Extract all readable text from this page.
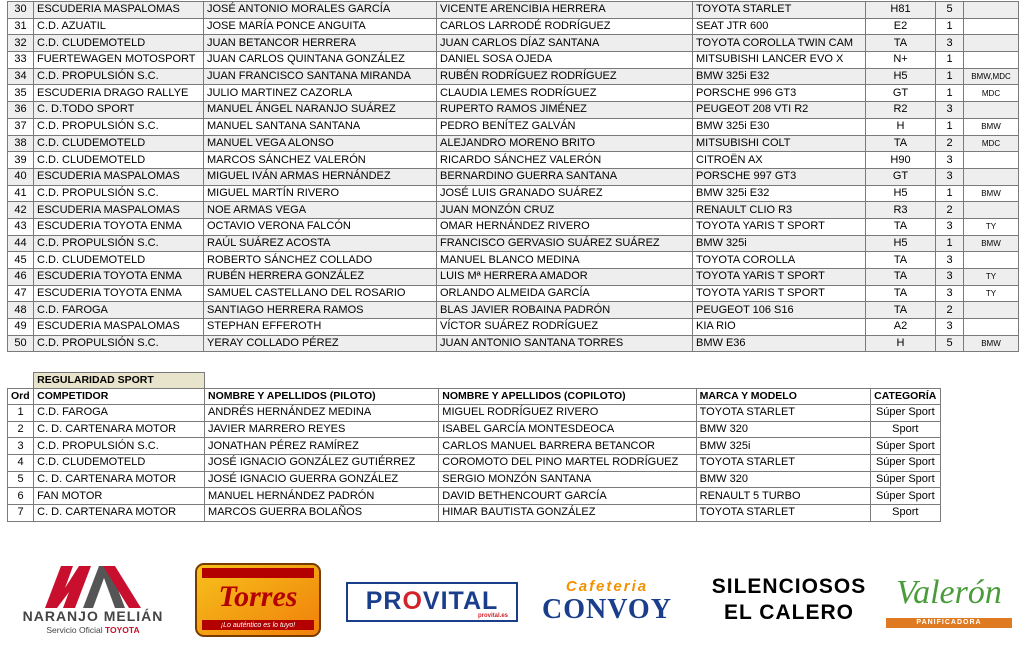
30	ESCUDERIA MASPALOMAS	JOSÉ ANTONIO MORALES GARCÍA	VICENTE ARENCIBIA HERRERA	TOYOTA STARLET	H81	5	
31	C.D. AZUATIL	JOSE MARÍA PONCE ANGUITA	CARLOS LARRODÉ RODRÍGUEZ	SEAT JTR 600	E2	1	
32	C.D. CLUDEMOTELD	JUAN BETANCOR HERRERA	JUAN CARLOS DÍAZ SANTANA	TOYOTA COROLLA TWIN CAM	TA	3	
33	FUERTEWAGEN MOTOSPORT	JUAN CARLOS QUINTANA GONZÁLEZ	DANIEL SOSA OJEDA	MITSUBISHI LANCER EVO X	N+	1	
34	C.D. PROPULSIÓN S.C.	JUAN FRANCISCO SANTANA MIRANDA	RUBÉN RODRÍGUEZ RODRÍGUEZ	BMW 325i E32	H5	1	BMW,MDC
35	ESCUDERIA DRAGO RALLYE	JULIO MARTINEZ CAZORLA	CLAUDIA LEMES RODRÍGUEZ	PORSCHE 996 GT3	GT	1	MDC
36	C. D.TODO SPORT	MANUEL ÁNGEL NARANJO SUÁREZ	RUPERTO RAMOS JIMÉNEZ	PEUGEOT 208 VTI R2	R2	3	
37	C.D. PROPULSIÓN S.C.	MANUEL SANTANA SANTANA	PEDRO BENÍTEZ GALVÁN	BMW 325i E30	H	1	BMW
38	C.D. CLUDEMOTELD	MANUEL VEGA ALONSO	ALEJANDRO MORENO BRITO	MITSUBISHI COLT	TA	2	MDC
39	C.D. CLUDEMOTELD	MARCOS SÁNCHEZ VALERÓN	RICARDO SÁNCHEZ VALERÓN	CITROËN AX	H90	3	
40	ESCUDERIA MASPALOMAS	MIGUEL IVÁN ARMAS HERNÁNDEZ	BERNARDINO GUERRA SANTANA	PORSCHE 997 GT3	GT	3	
41	C.D. PROPULSIÓN S.C.	MIGUEL MARTÍN RIVERO	JOSÉ LUIS GRANADO SUÁREZ	BMW 325i E32	H5	1	BMW
42	ESCUDERIA MASPALOMAS	NOE ARMAS VEGA	JUAN MONZÓN CRUZ	RENAULT CLIO R3	R3	2	
43	ESCUDERIA TOYOTA ENMA	OCTAVIO VERONA FALCÓN	OMAR HERNÁNDEZ RIVERO	TOYOTA YARIS T SPORT	TA	3	TY
44	C.D. PROPULSIÓN S.C.	RAÚL SUÁREZ ACOSTA	FRANCISCO GERVASIO SUÁREZ SUÁREZ	BMW 325i	H5	1	BMW
45	C.D. CLUDEMOTELD	ROBERTO SÁNCHEZ COLLADO	MANUEL BLANCO MEDINA	TOYOTA COROLLA	TA	3	
46	ESCUDERIA TOYOTA ENMA	RUBÉN HERRERA GONZÁLEZ	LUIS Mª HERRERA AMADOR	TOYOTA YARIS T SPORT	TA	3	TY
47	ESCUDERIA TOYOTA ENMA	SAMUEL CASTELLANO DEL ROSARIO	ORLANDO ALMEIDA GARCÍA	TOYOTA YARIS T SPORT	TA	3	TY
48	C.D. FAROGA	SANTIAGO HERRERA RAMOS	BLAS JAVIER ROBAINA PADRÓN	PEUGEOT 106 S16	TA	2	
49	ESCUDERIA MASPALOMAS	STEPHAN EFFEROTH	VÍCTOR SUÁREZ RODRÍGUEZ	KIA RIO	A2	3	
50	C.D. PROPULSIÓN S.C.	YERAY COLLADO PÉREZ	JUAN ANTONIO SANTANA TORRES	BMW E36	H	5	BMW
	REGULARIDAD SPORT				
Ord	COMPETIDOR	NOMBRE Y APELLIDOS (PILOTO)	NOMBRE Y APELLIDOS (COPILOTO)	MARCA Y MODELO	CATEGORÍA
1	C.D. FAROGA	ANDRÉS HERNÁNDEZ MEDINA	MIGUEL RODRÍGUEZ RIVERO	TOYOTA STARLET	Súper Sport
2	C. D. CARTENARA MOTOR	JAVIER MARRERO REYES	ISABEL GARCÍA MONTESDEOCA	BMW 320	Sport
3	C.D. PROPULSIÓN S.C.	JONATHAN PÉREZ RAMÍREZ	CARLOS MANUEL BARRERA BETANCOR	BMW 325i	Súper Sport
4	C.D. CLUDEMOTELD	JOSÉ IGNACIO GONZÁLEZ GUTIÉRREZ	COROMOTO DEL PINO MARTEL RODRÍGUEZ	TOYOTA STARLET	Súper Sport
5	C. D. CARTENARA MOTOR	JOSÉ IGNACIO GUERRA GONZÁLEZ	SERGIO MONZÓN SANTANA	BMW 320	Súper Sport
6	FAN MOTOR	MANUEL HERNÁNDEZ PADRÓN	DAVID BETHENCOURT GARCÍA	RENAULT 5 TURBO	Súper Sport
7	C. D. CARTENARA MOTOR	MARCOS GUERRA BOLAÑOS	HIMAR BAUTISTA GONZÁLEZ	TOYOTA STARLET	Sport
NARANJO MELIÁN
Servicio Oficial TOYOTA
Torres
¡Lo auténtico es lo tuyo!
PROVITAL
provital.es
Cafeteria
CONVOY
SILENCIOSOS
EL CALERO
Valerón
PANIFICADORA
